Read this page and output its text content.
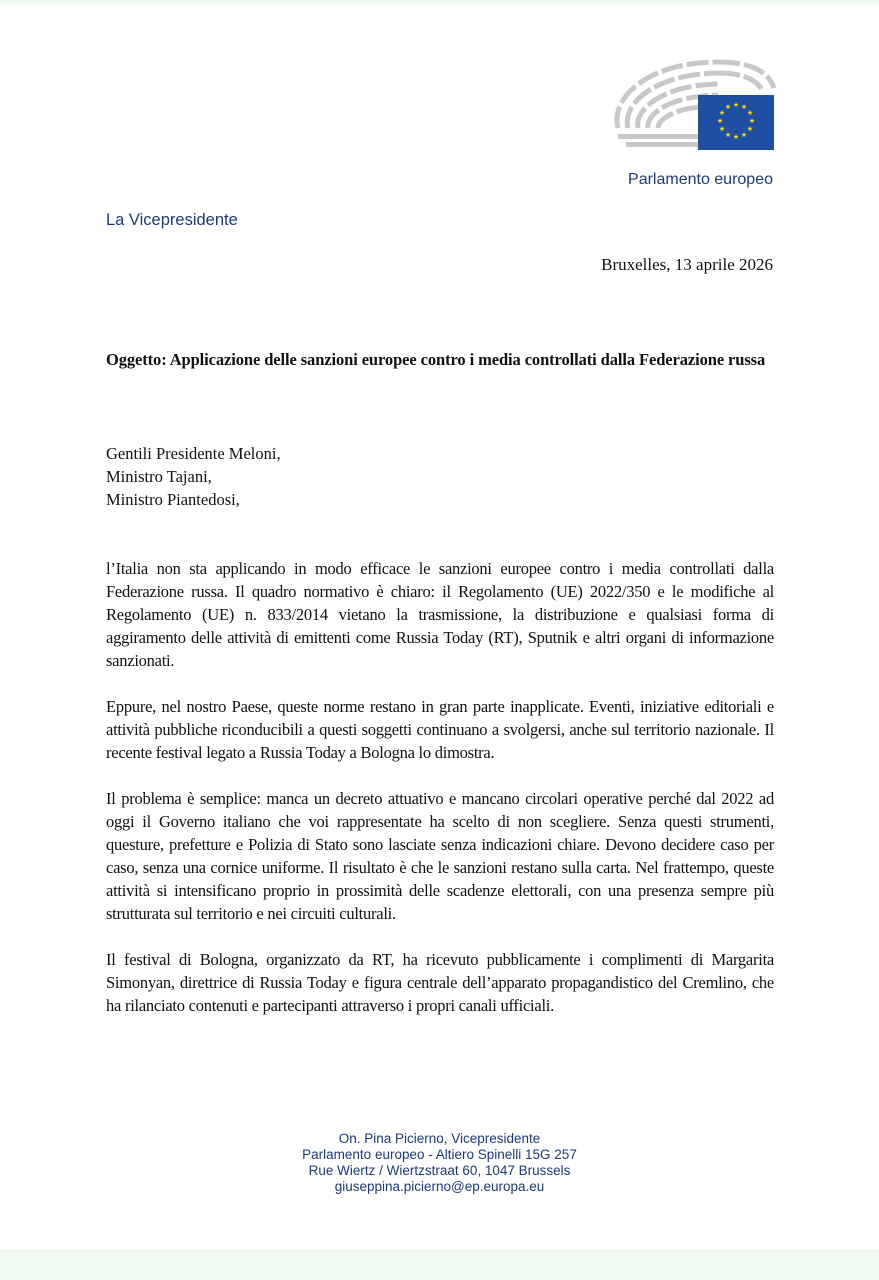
★ ★
★
★
★
★
★
★
★
★
★
★
Parlamento europeo
La Vicepresidente
Bruxelles, 13 aprile 2026
Oggetto: Applicazione delle sanzioni europee contro i media controllati dalla Federazione russa
Gentili Presidente Meloni,
Ministro Tajani,
Ministro Piantedosi,

l’Italia non sta applicando in modo efficace le sanzioni europee contro i media controllati dalla Federazione russa. Il quadro normativo è chiaro: il Regolamento (UE) 2022/350 e le modifiche al Regolamento (UE) n. 833/2014 vietano la trasmissione, la distribuzione e qualsiasi forma di aggiramento delle attività di emittenti come Russia Today (RT), Sputnik e altri organi di informazione sanzionati.

Eppure, nel nostro Paese, queste norme restano in gran parte inapplicate. Eventi, iniziative editoriali e attività pubbliche riconducibili a questi soggetti continuano a svolgersi, anche sul territorio nazionale. Il recente festival legato a Russia Today a Bologna lo dimostra.

Il problema è semplice: manca un decreto attuativo e mancano circolari operative perché dal 2022 ad oggi il Governo italiano che voi rappresentate ha scelto di non scegliere. Senza questi strumenti, questure, prefetture e Polizia di Stato sono lasciate senza indicazioni chiare. Devono decidere caso per caso, senza una cornice uniforme. Il risultato è che le sanzioni restano sulla carta. Nel frattempo, queste attività si intensificano proprio in prossimità delle scadenze elettorali, con una presenza sempre più strutturata sul territorio e nei circuiti culturali.

Il festival di Bologna, organizzato da RT, ha ricevuto pubblicamente i complimenti di Margarita Simonyan, direttrice di Russia Today e figura centrale dell’apparato propagandistico del Cremlino, che ha rilanciato contenuti e partecipanti attraverso i propri canali ufficiali.

On. Pina Picierno, Vicepresidente
Parlamento europeo - Altiero Spinelli 15G 257
Rue Wiertz / Wiertzstraat 60, 1047 Brussels
giuseppina.picierno@ep.europa.eu
